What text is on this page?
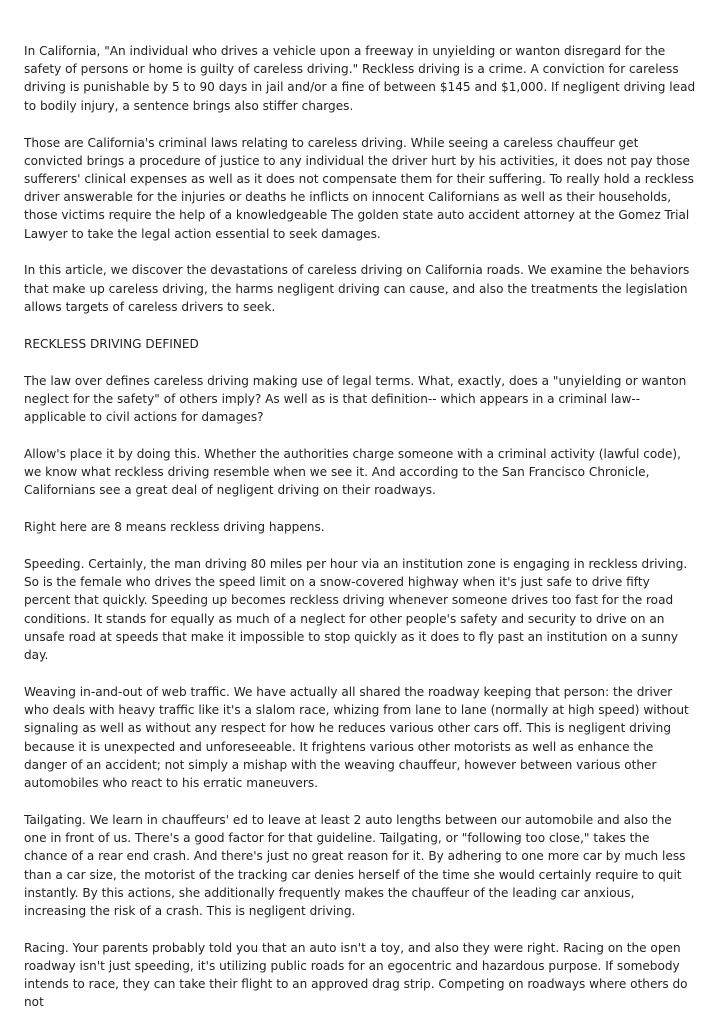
In California, "An individual who drives a vehicle upon a freeway in unyielding or wanton disregard for the safety of persons or home is guilty of careless driving." Reckless driving is a crime. A conviction for careless driving is punishable by 5 to 90 days in jail and/or a fine of between $145 and $1,000. If negligent driving lead to bodily injury, a sentence brings also stiffer charges.

Those are California's criminal laws relating to careless driving. While seeing a careless chauffeur get convicted brings a procedure of justice to any individual the driver hurt by his activities, it does not pay those sufferers' clinical expenses as well as it does not compensate them for their suffering. To really hold a reckless driver answerable for the injuries or deaths he inflicts on innocent Californians as well as their households, those victims require the help of a knowledgeable The golden state auto accident attorney at the Gomez Trial Lawyer to take the legal action essential to seek damages.

In this article, we discover the devastations of careless driving on California roads. We examine the behaviors that make up careless driving, the harms negligent driving can cause, and also the treatments the legislation allows targets of careless drivers to seek.

RECKLESS DRIVING DEFINED

The law over defines careless driving making use of legal terms. What, exactly, does a "unyielding or wanton neglect for the safety" of others imply? As well as is that definition-- which appears in a criminal law-- applicable to civil actions for damages?

Allow's place it by doing this. Whether the authorities charge someone with a criminal activity (lawful code), we know what reckless driving resemble when we see it. And according to the San Francisco Chronicle, Californians see a great deal of negligent driving on their roadways.

Right here are 8 means reckless driving happens.

Speeding. Certainly, the man driving 80 miles per hour via an institution zone is engaging in reckless driving. So is the female who drives the speed limit on a snow-covered highway when it's just safe to drive fifty percent that quickly. Speeding up becomes reckless driving whenever someone drives too fast for the road conditions. It stands for equally as much of a neglect for other people's safety and security to drive on an unsafe road at speeds that make it impossible to stop quickly as it does to fly past an institution on a sunny day.

Weaving in-and-out of web traffic. We have actually all shared the roadway keeping that person: the driver who deals with heavy traffic like it's a slalom race, whizing from lane to lane (normally at high speed) without signaling as well as without any respect for how he reduces various other cars off. This is negligent driving because it is unexpected and unforeseeable. It frightens various other motorists as well as enhance the danger of an accident; not simply a mishap with the weaving chauffeur, however between various other automobiles who react to his erratic maneuvers.

Tailgating. We learn in chauffeurs' ed to leave at least 2 auto lengths between our automobile and also the one in front of us. There's a good factor for that guideline. Tailgating, or "following too close," takes the chance of a rear end crash. And there's just no great reason for it. By adhering to one more car by much less than a car size, the motorist of the tracking car denies herself of the time she would certainly require to quit instantly. By this actions, she additionally frequently makes the chauffeur of the leading car anxious, increasing the risk of a crash. This is negligent driving.

Racing. Your parents probably told you that an auto isn't a toy, and also they were right. Racing on the open roadway isn't just speeding, it's utilizing public roads for an egocentric and hazardous purpose. If somebody intends to race, they can take their flight to an approved drag strip. Competing on roadways where others do not
